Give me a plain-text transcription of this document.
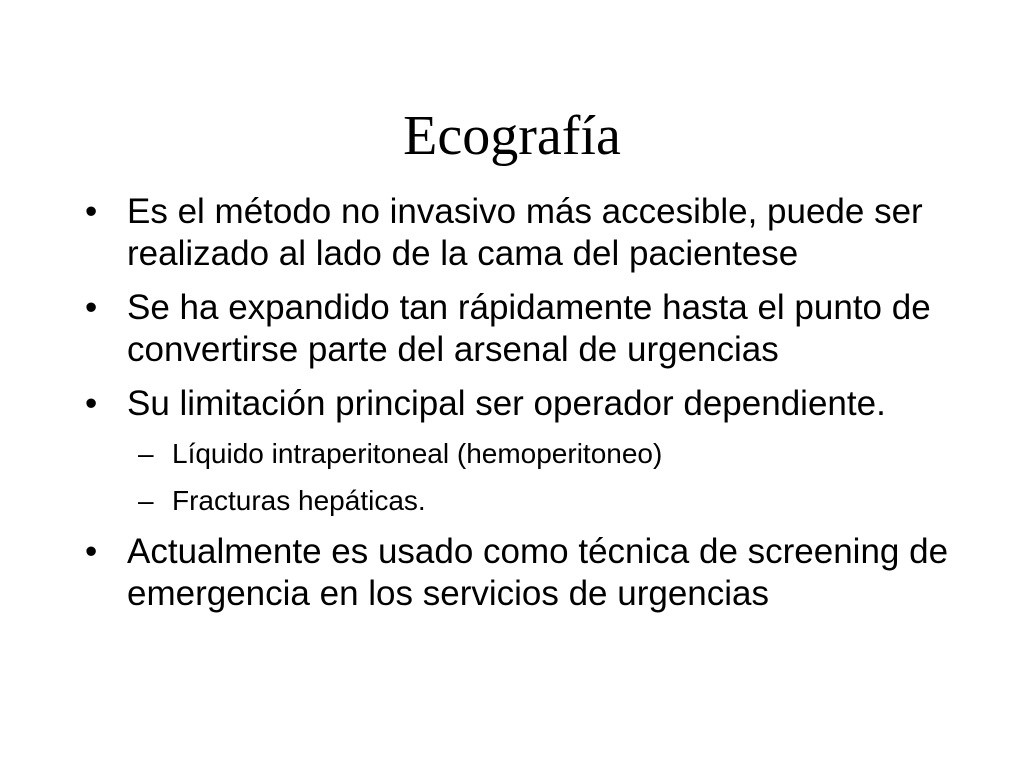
Ecografía
• Es el método no invasivo más accesible, puede ser realizado al lado de la cama del pacientese
• Se ha expandido tan rápidamente hasta el punto de convertirse parte del arsenal de urgencias
• Su limitación principal ser operador dependiente.
– Líquido intraperitoneal (hemoperitoneo)
– Fracturas hepáticas.
• Actualmente es usado como técnica de screening de emergencia en los servicios de urgencias
